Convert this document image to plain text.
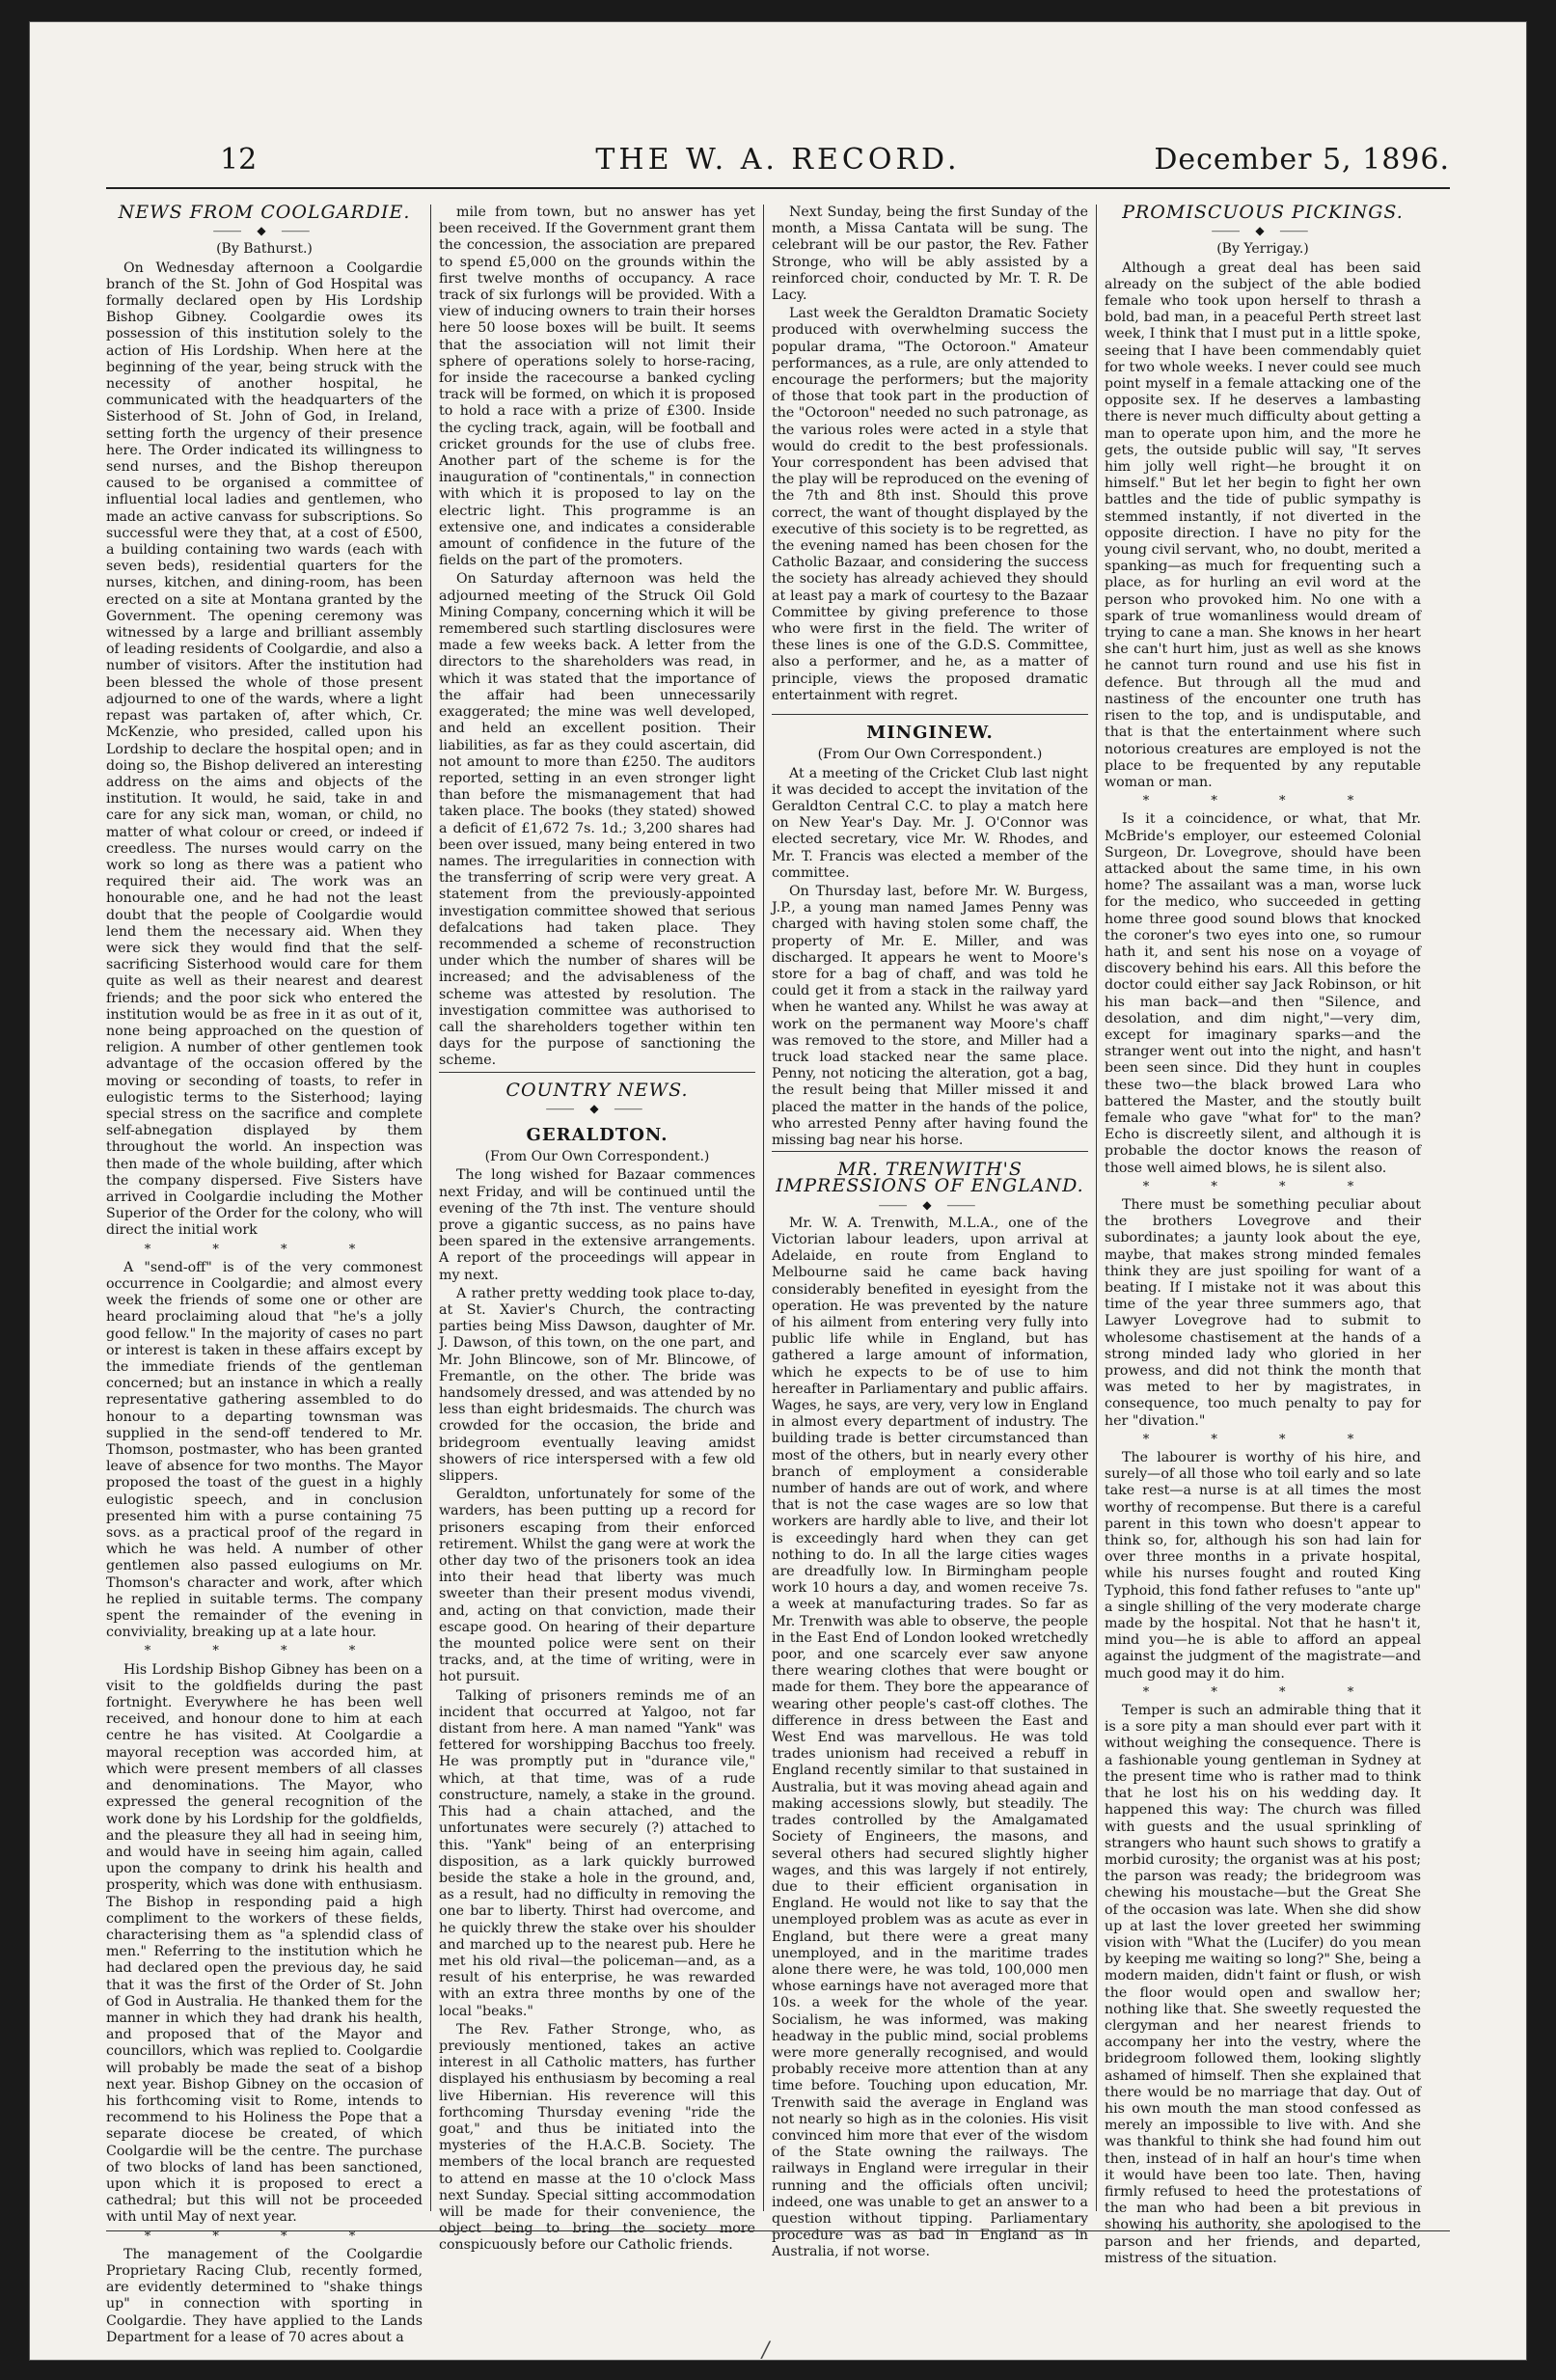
12	THE W. A. RECORD.	December 5, 1896.

NEWS FROM COOLGARDIE.

⸻ ◆ ⸻

(By Bathurst.)

On Wednesday afternoon a Coolgardie branch of the St. John of God Hospital was formally declared open by His Lordship Bishop Gibney. Coolgardie owes its possession of this institution solely to the action of His Lordship. When here at the beginning of the year, being struck with the necessity of another hospital, he communicated with the headquarters of the Sisterhood of St. John of God, in Ireland, setting forth the urgency of their presence here. The Order indicated its willingness to send nurses, and the Bishop thereupon caused to be organised a committee of influential local ladies and gentlemen, who made an active canvass for subscriptions. So successful were they that, at a cost of £500, a building containing two wards (each with seven beds), residential quarters for the nurses, kitchen, and dining-room, has been erected on a site at Montana granted by the Government. The opening ceremony was witnessed by a large and brilliant assembly of leading residents of Coolgardie, and also a number of visitors. After the institution had been blessed the whole of those present adjourned to one of the wards, where a light repast was partaken of, after which, Cr. McKenzie, who presided, called upon his Lordship to declare the hospital open; and in doing so, the Bishop delivered an interesting address on the aims and objects of the institution. It would, he said, take in and care for any sick man, woman, or child, no matter of what colour or creed, or indeed if creedless. The nurses would carry on the work so long as there was a patient who required their aid. The work was an honourable one, and he had not the least doubt that the people of Coolgardie would lend them the necessary aid. When they were sick they would find that the self-sacrificing Sisterhood would care for them quite as well as their nearest and dearest friends; and the poor sick who entered the institution would be as free in it as out of it, none being approached on the question of religion. A number of other gentlemen took advantage of the occasion offered by the moving or seconding of toasts, to refer in eulogistic terms to the Sisterhood; laying special stress on the sacrifice and complete self-abnegation displayed by them throughout the world. An inspection was then made of the whole building, after which the company dispersed. Five Sisters have arrived in Coolgardie including the Mother Superior of the Order for the colony, who will direct the initial work

* * * *

A "send-off" is of the very commonest occurrence in Coolgardie; and almost every week the friends of some one or other are heard proclaiming aloud that "he's a jolly good fellow." In the majority of cases no part or interest is taken in these affairs except by the immediate friends of the gentleman concerned; but an instance in which a really representative gathering assembled to do honour to a departing townsman was supplied in the send-off tendered to Mr. Thomson, postmaster, who has been granted leave of absence for two months. The Mayor proposed the toast of the guest in a highly eulogistic speech, and in conclusion presented him with a purse containing 75 sovs. as a practical proof of the regard in which he was held. A number of other gentlemen also passed eulogiums on Mr. Thomson's character and work, after which he replied in suitable terms. The company spent the remainder of the evening in conviviality, breaking up at a late hour.

* * * *

His Lordship Bishop Gibney has been on a visit to the goldfields during the past fortnight. Everywhere he has been well received, and honour done to him at each centre he has visited. At Coolgardie a mayoral reception was accorded him, at which were present members of all classes and denominations. The Mayor, who expressed the general recognition of the work done by his Lordship for the goldfields, and the pleasure they all had in seeing him, and would have in seeing him again, called upon the company to drink his health and prosperity, which was done with enthusiasm. The Bishop in responding paid a high compliment to the workers of these fields, characterising them as "a splendid class of men." Referring to the institution which he had declared open the previous day, he said that it was the first of the Order of St. John of God in Australia. He thanked them for the manner in which they had drank his health, and proposed that of the Mayor and councillors, which was replied to. Coolgardie will probably be made the seat of a bishop next year. Bishop Gibney on the occasion of his forthcoming visit to Rome, intends to recommend to his Holiness the Pope that a separate diocese be created, of which Coolgardie will be the centre. The purchase of two blocks of land has been sanctioned, upon which it is proposed to erect a cathedral; but this will not be proceeded with until May of next year.

* * * *

The management of the Coolgardie Proprietary Racing Club, recently formed, are evidently determined to "shake things up" in connection with sporting in Coolgardie. They have applied to the Lands Department for a lease of 70 acres about a

mile from town, but no answer has yet been received. If the Government grant them the concession, the association are prepared to spend £5,000 on the grounds within the first twelve months of occupancy. A race track of six furlongs will be provided. With a view of inducing owners to train their horses here 50 loose boxes will be built. It seems that the association will not limit their sphere of operations solely to horse-racing, for inside the racecourse a banked cycling track will be formed, on which it is proposed to hold a race with a prize of £300. Inside the cycling track, again, will be football and cricket grounds for the use of clubs free. Another part of the scheme is for the inauguration of "continentals," in connection with which it is proposed to lay on the electric light. This programme is an extensive one, and indicates a considerable amount of confidence in the future of the fields on the part of the promoters.

On Saturday afternoon was held the adjourned meeting of the Struck Oil Gold Mining Company, concerning which it will be remembered such startling disclosures were made a few weeks back. A letter from the directors to the shareholders was read, in which it was stated that the importance of the affair had been unnecessarily exaggerated; the mine was well developed, and held an excellent position. Their liabilities, as far as they could ascertain, did not amount to more than £250. The auditors reported, setting in an even stronger light than before the mismanagement that had taken place. The books (they stated) showed a deficit of £1,672 7s. 1d.; 3,200 shares had been over issued, many being entered in two names. The irregularities in connection with the transferring of scrip were very great. A statement from the previously-appointed investigation committee showed that serious defalcations had taken place. They recommended a scheme of reconstruction under which the number of shares will be increased; and the advisableness of the scheme was attested by resolution. The investigation committee was authorised to call the shareholders together within ten days for the purpose of sanctioning the scheme.

COUNTRY NEWS.

⸻ ◆ ⸻
GERALDTON.

(From Our Own Correspondent.)

The long wished for Bazaar commences next Friday, and will be continued until the evening of the 7th inst. The venture should prove a gigantic success, as no pains have been spared in the extensive arrangements. A report of the proceedings will appear in my next.

A rather pretty wedding took place to-day, at St. Xavier's Church, the contracting parties being Miss Dawson, daughter of Mr. J. Dawson, of this town, on the one part, and Mr. John Blincowe, son of Mr. Blincowe, of Fremantle, on the other. The bride was handsomely dressed, and was attended by no less than eight bridesmaids. The church was crowded for the occasion, the bride and bridegroom eventually leaving amidst showers of rice interspersed with a few old slippers.

Geraldton, unfortunately for some of the warders, has been putting up a record for prisoners escaping from their enforced retirement. Whilst the gang were at work the other day two of the prisoners took an idea into their head that liberty was much sweeter than their present modus vivendi, and, acting on that conviction, made their escape good. On hearing of their departure the mounted police were sent on their tracks, and, at the time of writing, were in hot pursuit.

Talking of prisoners reminds me of an incident that occurred at Yalgoo, not far distant from here. A man named "Yank" was fettered for worshipping Bacchus too freely. He was promptly put in "durance vile," which, at that time, was of a rude constructure, namely, a stake in the ground. This had a chain attached, and the unfortunates were securely (?) attached to this. "Yank" being of an enterprising disposition, as a lark quickly burrowed beside the stake a hole in the ground, and, as a result, had no difficulty in removing the one bar to liberty. Thirst had overcome, and he quickly threw the stake over his shoulder and marched up to the nearest pub. Here he met his old rival—the policeman—and, as a result of his enterprise, he was rewarded with an extra three months by one of the local "beaks."

The Rev. Father Stronge, who, as previously mentioned, takes an active interest in all Catholic matters, has further displayed his enthusiasm by becoming a real live Hibernian. His reverence will this forthcoming Thursday evening "ride the goat," and thus be initiated into the mysteries of the H.A.C.B. Society. The members of the local branch are requested to attend en masse at the 10 o'clock Mass next Sunday. Special sitting accommodation will be made for their convenience, the object being to bring the society more conspicuously before our Catholic friends.

Next Sunday, being the first Sunday of the month, a Missa Cantata will be sung. The celebrant will be our pastor, the Rev. Father Stronge, who will be ably assisted by a reinforced choir, conducted by Mr. T. R. De Lacy.

Last week the Geraldton Dramatic Society produced with overwhelming success the popular drama, "The Octoroon." Amateur performances, as a rule, are only attended to encourage the performers; but the majority of those that took part in the production of the "Octoroon" needed no such patronage, as the various roles were acted in a style that would do credit to the best professionals. Your correspondent has been advised that the play will be reproduced on the evening of the 7th and 8th inst. Should this prove correct, the want of thought displayed by the executive of this society is to be regretted, as the evening named has been chosen for the Catholic Bazaar, and considering the success the society has already achieved they should at least pay a mark of courtesy to the Bazaar Committee by giving preference to those who were first in the field. The writer of these lines is one of the G.D.S. Committee, also a performer, and he, as a matter of principle, views the proposed dramatic entertainment with regret.

MINGINEW.

(From Our Own Correspondent.)

At a meeting of the Cricket Club last night it was decided to accept the invitation of the Geraldton Central C.C. to play a match here on New Year's Day. Mr. J. O'Connor was elected secretary, vice Mr. W. Rhodes, and Mr. T. Francis was elected a member of the committee.

On Thursday last, before Mr. W. Burgess, J.P., a young man named James Penny was charged with having stolen some chaff, the property of Mr. E. Miller, and was discharged. It appears he went to Moore's store for a bag of chaff, and was told he could get it from a stack in the railway yard when he wanted any. Whilst he was away at work on the permanent way Moore's chaff was removed to the store, and Miller had a truck load stacked near the same place. Penny, not noticing the alteration, got a bag, the result being that Miller missed it and placed the matter in the hands of the police, who arrested Penny after having found the missing bag near his horse.

MR. TRENWITH'S IMPRESSIONS OF ENGLAND.

⸻ ◆ ⸻

Mr. W. A. Trenwith, M.L.A., one of the Victorian labour leaders, upon arrival at Adelaide, en route from England to Melbourne said he came back having considerably benefited in eyesight from the operation. He was prevented by the nature of his ailment from entering very fully into public life while in England, but has gathered a large amount of information, which he expects to be of use to him hereafter in Parliamentary and public affairs. Wages, he says, are very, very low in England in almost every department of industry. The building trade is better circumstanced than most of the others, but in nearly every other branch of employment a considerable number of hands are out of work, and where that is not the case wages are so low that workers are hardly able to live, and their lot is exceedingly hard when they can get nothing to do. In all the large cities wages are dreadfully low. In Birmingham people work 10 hours a day, and women receive 7s. a week at manufacturing trades. So far as Mr. Trenwith was able to observe, the people in the East End of London looked wretchedly poor, and one scarcely ever saw anyone there wearing clothes that were bought or made for them. They bore the appearance of wearing other people's cast-off clothes. The difference in dress between the East and West End was marvellous. He was told trades unionism had received a rebuff in England recently similar to that sustained in Australia, but it was moving ahead again and making accessions slowly, but steadily. The trades controlled by the Amalgamated Society of Engineers, the masons, and several others had secured slightly higher wages, and this was largely if not entirely, due to their efficient organisation in England. He would not like to say that the unemployed problem was as acute as ever in England, but there were a great many unemployed, and in the maritime trades alone there were, he was told, 100,000 men whose earnings have not averaged more that 10s. a week for the whole of the year. Socialism, he was informed, was making headway in the public mind, social problems were more generally recognised, and would probably receive more attention than at any time before. Touching upon education, Mr. Trenwith said the average in England was not nearly so high as in the colonies. His visit convinced him more that ever of the wisdom of the State owning the railways. The railways in England were irregular in their running and the officials often uncivil; indeed, one was unable to get an answer to a question without tipping. Parliamentary procedure was as bad in England as in Australia, if not worse.

PROMISCUOUS PICKINGS.

⸻ ◆ ⸻

(By Yerrigay.)

Although a great deal has been said already on the subject of the able bodied female who took upon herself to thrash a bold, bad man, in a peaceful Perth street last week, I think that I must put in a little spoke, seeing that I have been commendably quiet for two whole weeks. I never could see much point myself in a female attacking one of the opposite sex. If he deserves a lambasting there is never much difficulty about getting a man to operate upon him, and the more he gets, the outside public will say, "It serves him jolly well right—he brought it on himself." But let her begin to fight her own battles and the tide of public sympathy is stemmed instantly, if not diverted in the opposite direction. I have no pity for the young civil servant, who, no doubt, merited a spanking—as much for frequenting such a place, as for hurling an evil word at the person who provoked him. No one with a spark of true womanliness would dream of trying to cane a man. She knows in her heart she can't hurt him, just as well as she knows he cannot turn round and use his fist in defence. But through all the mud and nastiness of the encounter one truth has risen to the top, and is undisputable, and that is that the entertainment where such notorious creatures are employed is not the place to be frequented by any reputable woman or man.

* * * *

Is it a coincidence, or what, that Mr. McBride's employer, our esteemed Colonial Surgeon, Dr. Lovegrove, should have been attacked about the same time, in his own home? The assailant was a man, worse luck for the medico, who succeeded in getting home three good sound blows that knocked the coroner's two eyes into one, so rumour hath it, and sent his nose on a voyage of discovery behind his ears. All this before the doctor could either say Jack Robinson, or hit his man back—and then "Silence, and desolation, and dim night,"—very dim, except for imaginary sparks—and the stranger went out into the night, and hasn't been seen since. Did they hunt in couples these two—the black browed Lara who battered the Master, and the stoutly built female who gave "what for" to the man? Echo is discreetly silent, and although it is probable the doctor knows the reason of those well aimed blows, he is silent also.

* * * *

There must be something peculiar about the brothers Lovegrove and their subordinates; a jaunty look about the eye, maybe, that makes strong minded females think they are just spoiling for want of a beating. If I mistake not it was about this time of the year three summers ago, that Lawyer Lovegrove had to submit to wholesome chastisement at the hands of a strong minded lady who gloried in her prowess, and did not think the month that was meted to her by magistrates, in consequence, too much penalty to pay for her "divation."

* * * *

The labourer is worthy of his hire, and surely—of all those who toil early and so late take rest—a nurse is at all times the most worthy of recompense. But there is a careful parent in this town who doesn't appear to think so, for, although his son had lain for over three months in a private hospital, while his nurses fought and routed King Typhoid, this fond father refuses to "ante up" a single shilling of the very moderate charge made by the hospital. Not that he hasn't it, mind you—he is able to afford an appeal against the judgment of the magistrate—and much good may it do him.

* * * *

Temper is such an admirable thing that it is a sore pity a man should ever part with it without weighing the consequence. There is a fashionable young gentleman in Sydney at the present time who is rather mad to think that he lost his on his wedding day. It happened this way: The church was filled with guests and the usual sprinkling of strangers who haunt such shows to gratify a morbid curosity; the organist was at his post; the parson was ready; the bridegroom was chewing his moustache—but the Great She of the occasion was late. When she did show up at last the lover greeted her swimming vision with "What the (Lucifer) do you mean by keeping me waiting so long?" She, being a modern maiden, didn't faint or flush, or wish the floor would open and swallow her; nothing like that. She sweetly requested the clergyman and her nearest friends to accompany her into the vestry, where the bridegroom followed them, looking slightly ashamed of himself. Then she explained that there would be no marriage that day. Out of his own mouth the man stood confessed as merely an impossible to live with. And she was thankful to think she had found him out then, instead of in half an hour's time when it would have been too late. Then, having firmly refused to heed the protestations of the man who had been a bit previous in showing his authority, she apologised to the parson and her friends, and departed, mistress of the situation.

/
